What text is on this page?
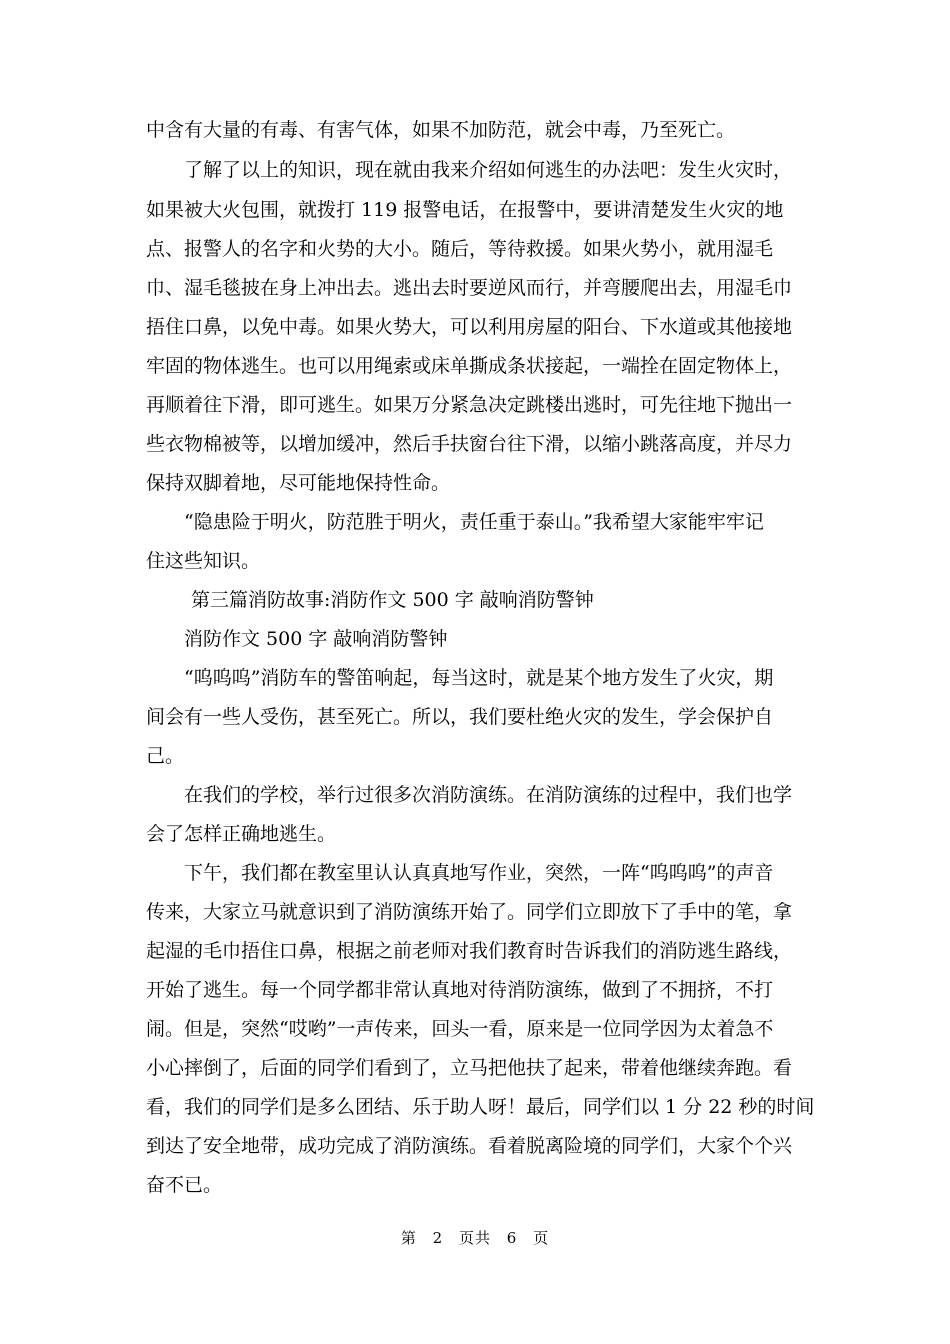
中含有大量的有毒、有害气体，如果不加防范，就会中毒，乃至死亡。
了解了以上的知识，现在就由我来介绍如何逃生的办法吧：发生火灾时，
如果被大火包围，就拨打 119 报警电话，在报警中，要讲清楚发生火灾的地
点、报警人的名字和火势的大小。随后，等待救援。如果火势小，就用湿毛
巾、湿毛毯披在身上冲出去。逃出去时要逆风而行，并弯腰爬出去，用湿毛巾
捂住口鼻，以免中毒。如果火势大，可以利用房屋的阳台、下水道或其他接地
牢固的物体逃生。也可以用绳索或床单撕成条状接起，一端拴在固定物体上，
再顺着往下滑，即可逃生。如果万分紧急决定跳楼出逃时，可先往地下抛出一
些衣物棉被等，以增加缓冲，然后手扶窗台往下滑，以缩小跳落高度，并尽力
保持双脚着地，尽可能地保持性命。
“隐患险于明火，防范胜于明火，责任重于泰山。”我希望大家能牢牢记
住这些知识。
第三篇消防故事:消防作文 500 字 敲响消防警钟
消防作文 500 字 敲响消防警钟
“呜呜呜”消防车的警笛响起，每当这时，就是某个地方发生了火灾，期
间会有一些人受伤，甚至死亡。所以，我们要杜绝火灾的发生，学会保护自
己。
在我们的学校，举行过很多次消防演练。在消防演练的过程中，我们也学
会了怎样正确地逃生。
下午，我们都在教室里认认真真地写作业，突然，一阵“呜呜呜”的声音
传来，大家立马就意识到了消防演练开始了。同学们立即放下了手中的笔，拿
起湿的毛巾捂住口鼻，根据之前老师对我们教育时告诉我们的消防逃生路线，
开始了逃生。每一个同学都非常认真地对待消防演练，做到了不拥挤，不打
闹。但是，突然“哎哟”一声传来，回头一看，原来是一位同学因为太着急不
小心摔倒了，后面的同学们看到了，立马把他扶了起来，带着他继续奔跑。看
看，我们的同学们是多么团结、乐于助人呀！最后，同学们以 1 分 22 秒的时间
到达了安全地带，成功完成了消防演练。看着脱离险境的同学们，大家个个兴
奋不已。
第 2 页共 6 页
